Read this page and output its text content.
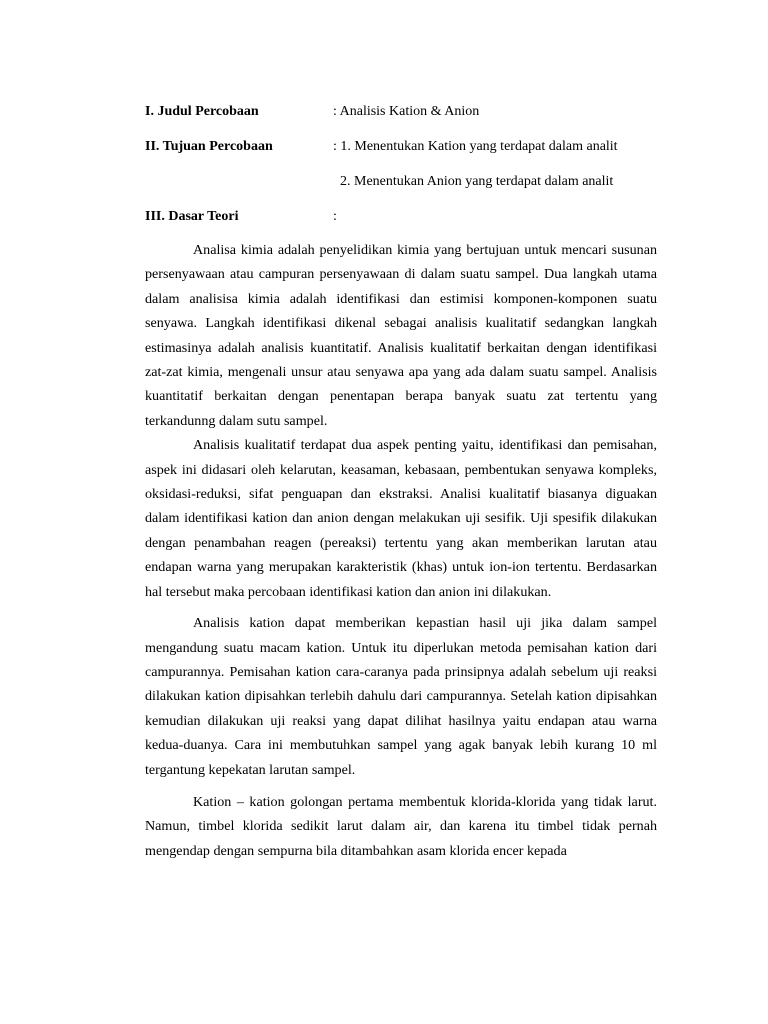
I. Judul Percobaan	: Analisis Kation & Anion
II. Tujuan Percobaan	: 1. Menentukan Kation yang terdapat dalam analit
2. Menentukan Anion yang terdapat dalam analit
III. Dasar Teori	:

Analisa kimia adalah penyelidikan kimia yang bertujuan untuk mencari susunan persenyawaan atau campuran persenyawaan di dalam suatu sampel. Dua langkah utama dalam analisisa kimia adalah identifikasi dan estimisi komponen-komponen suatu senyawa. Langkah identifikasi dikenal sebagai analisis kualitatif sedangkan langkah estimasinya adalah analisis kuantitatif. Analisis kualitatif berkaitan dengan identifikasi zat-zat kimia, mengenali unsur atau senyawa apa yang ada dalam suatu sampel. Analisis kuantitatif berkaitan dengan penentapan berapa banyak suatu zat tertentu yang terkandunng dalam sutu sampel.

Analisis kualitatif terdapat dua aspek penting yaitu, identifikasi dan pemisahan, aspek ini didasari oleh kelarutan, keasaman, kebasaan, pembentukan senyawa kompleks, oksidasi-reduksi, sifat penguapan dan ekstraksi. Analisi kualitatif biasanya diguakan dalam identifikasi kation dan anion dengan melakukan uji sesifik. Uji spesifik dilakukan dengan penambahan reagen (pereaksi) tertentu yang akan memberikan larutan atau endapan warna yang merupakan karakteristik (khas) untuk ion-ion tertentu. Berdasarkan hal tersebut maka percobaan identifikasi kation dan anion ini dilakukan.

Analisis kation dapat memberikan kepastian hasil uji jika dalam sampel mengandung suatu macam kation. Untuk itu diperlukan metoda pemisahan kation dari campurannya. Pemisahan kation cara-caranya pada prinsipnya adalah sebelum uji reaksi dilakukan kation dipisahkan terlebih dahulu dari campurannya. Setelah kation dipisahkan kemudian dilakukan uji reaksi yang dapat dilihat hasilnya yaitu endapan atau warna kedua-duanya. Cara ini membutuhkan sampel yang agak banyak lebih kurang 10 ml tergantung kepekatan larutan sampel.

Kation – kation golongan pertama membentuk klorida-klorida yang tidak larut. Namun, timbel klorida sedikit larut dalam air, dan karena itu timbel tidak pernah mengendap dengan sempurna bila ditambahkan asam klorida encer kepada
